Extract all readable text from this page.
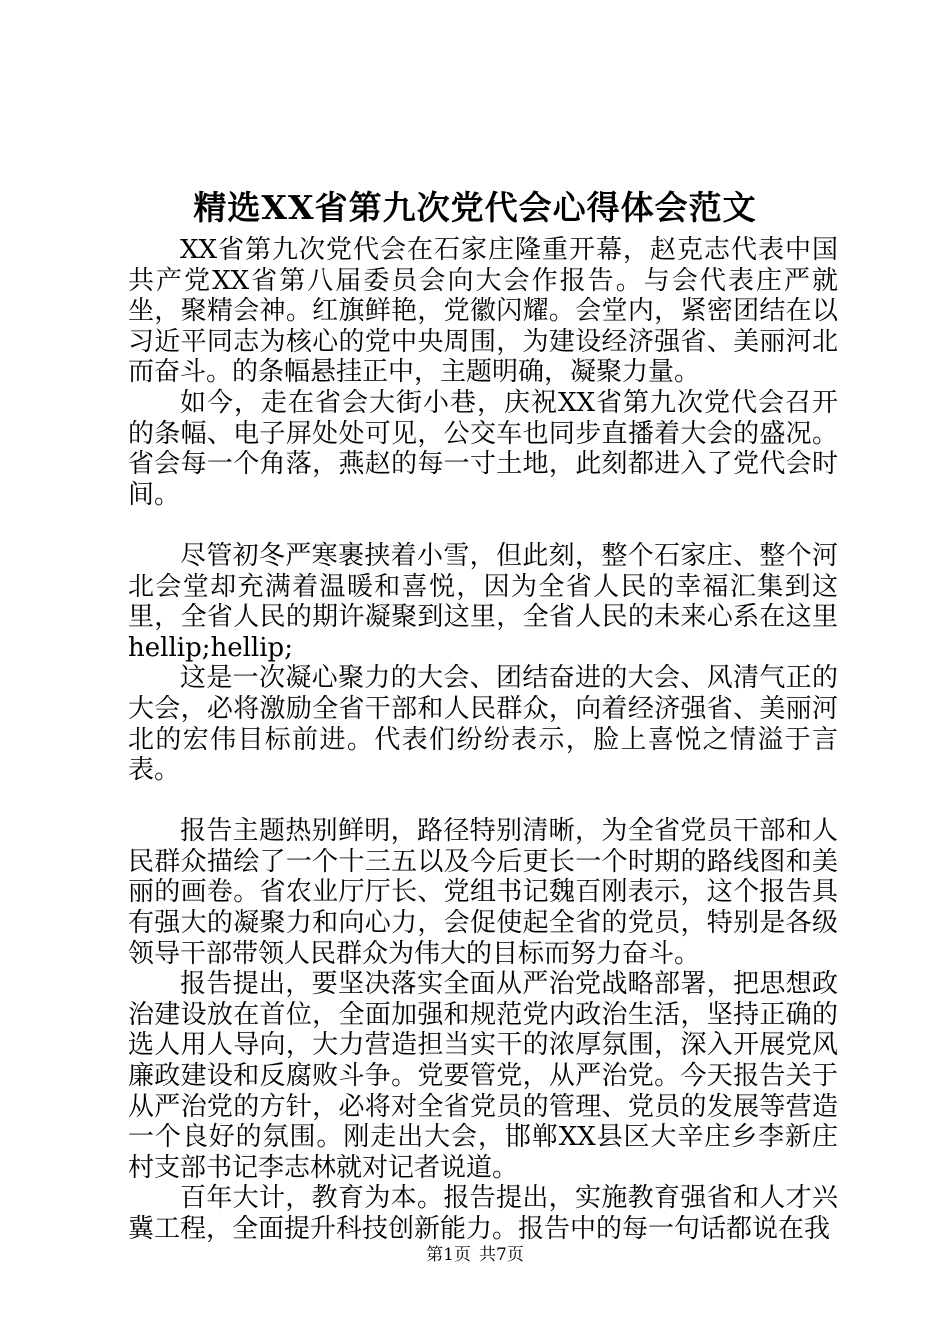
精选XX省第九次党代会心得体会范文

XX省第九次党代会在石家庄隆重开幕，赵克志代表中国共产党XX省第八届委员会向大会作报告。与会代表庄严就坐，聚精会神。红旗鲜艳，党徽闪耀。会堂内，紧密团结在以习近平同志为核心的党中央周围，为建设经济强省、美丽河北而奋斗。的条幅悬挂正中，主题明确，凝聚力量。

如今，走在省会大街小巷，庆祝XX省第九次党代会召开的条幅、电子屏处处可见，公交车也同步直播着大会的盛况。省会每一个角落，燕赵的每一寸土地，此刻都进入了党代会时间。

尽管初冬严寒裹挟着小雪，但此刻，整个石家庄、整个河北会堂却充满着温暖和喜悦，因为全省人民的幸福汇集到这里，全省人民的期许凝聚到这里，全省人民的未来心系在这里hellip;hellip;

这是一次凝心聚力的大会、团结奋进的大会、风清气正的大会，必将激励全省干部和人民群众，向着经济强省、美丽河北的宏伟目标前进。代表们纷纷表示，脸上喜悦之情溢于言表。

报告主题热别鲜明，路径特别清晰，为全省党员干部和人民群众描绘了一个十三五以及今后更长一个时期的路线图和美丽的画卷。省农业厅厅长、党组书记魏百刚表示，这个报告具有强大的凝聚力和向心力，会促使起全省的党员，特别是各级领导干部带领人民群众为伟大的目标而努力奋斗。

报告提出，要坚决落实全面从严治党战略部署，把思想政治建设放在首位，全面加强和规范党内政治生活，坚持正确的选人用人导向，大力营造担当实干的浓厚氛围，深入开展党风廉政建设和反腐败斗争。党要管党，从严治党。今天报告关于从严治党的方针，必将对全省党员的管理、党员的发展等营造一个良好的氛围。刚走出大会，邯郸XX县区大辛庄乡李新庄村支部书记李志林就对记者说道。

百年大计，教育为本。报告提出，实施教育强省和人才兴冀工程，全面提升科技创新能力。报告中的每一句话都说在我

第1页 共7页
